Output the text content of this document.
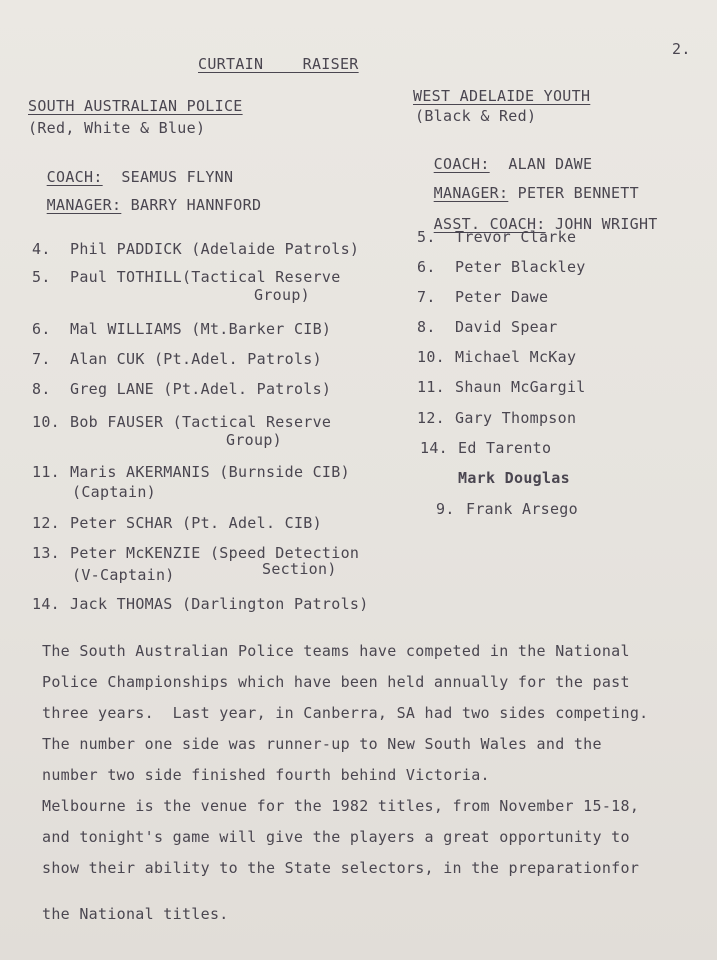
2.
CURTAIN RAISER
SOUTH AUSTRALIAN POLICE
(Red, White & Blue)

COACH: SEAMUS FLYNN

MANAGER: BARRY HANNFORD

WEST ADELAIDE YOUTH
(Black & Red)

COACH: ALAN DAWE

MANAGER: PETER BENNETT

ASST. COACH: JOHN WRIGHT

4. Phil PADDICK (Adelaide Patrols)
5. Paul TOTHILL(Tactical Reserve
Group)
6. Mal WILLIAMS (Mt.Barker CIB)
7. Alan CUK (Pt.Adel. Patrols)
8. Greg LANE (Pt.Adel. Patrols)
10. Bob FAUSER (Tactical Reserve
Group)
11. Maris AKERMANIS (Burnside CIB)
(Captain)
12. Peter SCHAR (Pt. Adel. CIB)
13. Peter McKENZIE (Speed Detection
(V-Captain)	Section)
14. Jack THOMAS (Darlington Patrols)
5. Trevor Clarke
6. Peter Blackley
7. Peter Dawe
8. David Spear
10. Michael McKay
11. Shaun McGargil
12. Gary Thompson
14. Ed Tarento
Mark Douglas
9. Frank Arsego
The South Australian Police teams have competed in the National
Police Championships which have been held annually for the past
three years.  Last year, in Canberra, SA had two sides competing.
The number one side was runner-up to New South Wales and the
number two side finished fourth behind Victoria.
Melbourne is the venue for the 1982 titles, from November 15-18,
and tonight's game will give the players a great opportunity to
show their ability to the State selectors, in the preparationfor
the National titles.
